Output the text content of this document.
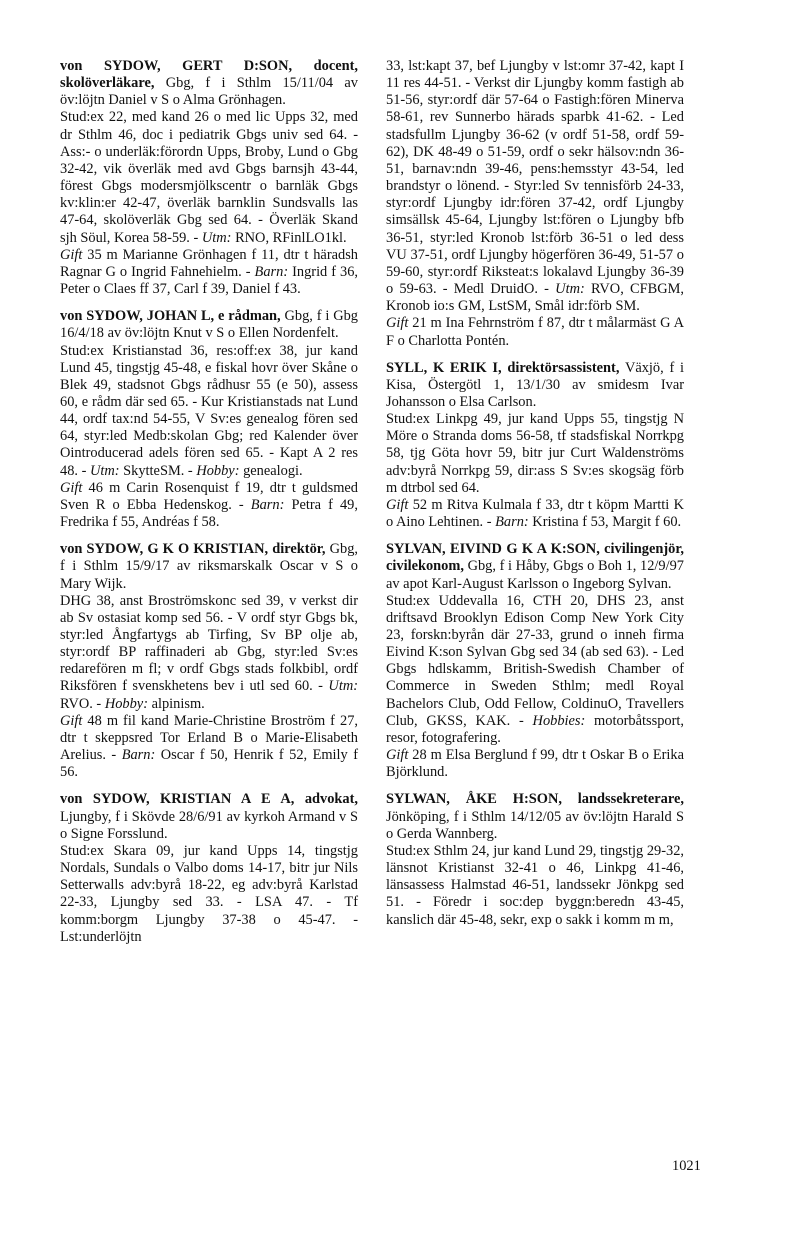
von SYDOW, GERT D:SON, docent, skolöverläkare, Gbg, f i Sthlm 15/11/04 av öv:löjtn Daniel v S o Alma Grönhagen.

Stud:ex 22, med kand 26 o med lic Upps 32, med dr Sthlm 46, doc i pediatrik Gbgs univ sed 64. - Ass:- o underläk:förordn Upps, Broby, Lund o Gbg 32-42, vik överläk med avd Gbgs barnsjh 43-44, förest Gbgs modersmjölkscentr o barnläk Gbgs kv:klin:er 42-47, överläk barnklin Sundsvalls las 47-64, skolöverläk Gbg sed 64. - Överläk Skand sjh Söul, Korea 58-59. - Utm: RNO, RFinlLO1kl.

Gift 35 m Marianne Grönhagen f 11, dtr t häradsh Ragnar G o Ingrid Fahnehielm. - Barn: Ingrid f 36, Peter o Claes ff 37, Carl f 39, Daniel f 43.

von SYDOW, JOHAN L, e rådman, Gbg, f i Gbg 16/4/18 av öv:löjtn Knut v S o Ellen Nordenfelt.

Stud:ex Kristianstad 36, res:off:ex 38, jur kand Lund 45, tingstjg 45-48, e fiskal hovr över Skåne o Blek 49, stadsnot Gbgs rådhusr 55 (e 50), assess 60, e rådm där sed 65. - Kur Kristianstads nat Lund 44, ordf tax:nd 54-55, V Sv:es genealog fören sed 64, styr:led Medb:skolan Gbg; red Kalender över Ointroducerad adels fören sed 65. - Kapt A 2 res 48. - Utm: SkytteSM. - Hobby: genealogi.

Gift 46 m Carin Rosenquist f 19, dtr t guldsmed Sven R o Ebba Hedenskog. - Barn: Petra f 49, Fredrika f 55, Andréas f 58.

von SYDOW, G K O KRISTIAN, direktör, Gbg, f i Sthlm 15/9/17 av riksmarskalk Oscar v S o Mary Wijk.

DHG 38, anst Broströmskonc sed 39, v verkst dir ab Sv ostasiat komp sed 56. - V ordf styr Gbgs bk, styr:led Ångfartygs ab Tirfing, Sv BP olje ab, styr:ordf BP raffinaderi ab Gbg, styr:led Sv:es redarefören m fl; v ordf Gbgs stads folkbibl, ordf Riksfören f svenskhetens bev i utl sed 60. - Utm: RVO. - Hobby: alpinism.

Gift 48 m fil kand Marie-Christine Broström f 27, dtr t skeppsred Tor Erland B o Marie-Elisabeth Arelius. - Barn: Oscar f 50, Henrik f 52, Emily f 56.

von SYDOW, KRISTIAN A E A, advokat, Ljungby, f i Skövde 28/6/91 av kyrkoh Armand v S o Signe Forsslund.

Stud:ex Skara 09, jur kand Upps 14, tingstjg Nordals, Sundals o Valbo doms 14-17, bitr jur Nils Setterwalls adv:byrå 18-22, eg adv:byrå Karlstad 22-33, Ljungby sed 33. - LSA 47. - Tf komm:borgm Ljungby 37-38 o 45-47. - Lst:underlöjtn

33, lst:kapt 37, bef Ljungby v lst:omr 37-42, kapt I 11 res 44-51. - Verkst dir Ljungby komm fastigh ab 51-56, styr:ordf där 57-64 o Fastigh:fören Minerva 58-61, rev Sunnerbo härads sparbk 41-62. - Led stadsfullm Ljungby 36-62 (v ordf 51-58, ordf 59-62), DK 48-49 o 51-59, ordf o sekr hälsov:ndn 36-51, barnav:ndn 39-46, pens:hemsstyr 43-54, led brandstyr o lönend. - Styr:led Sv tennisförb 24-33, styr:ordf Ljungby idr:fören 37-42, ordf Ljungby simsällsk 45-64, Ljungby lst:fören o Ljungby bfb 36-51, styr:led Kronob lst:förb 36-51 o led dess VU 37-51, ordf Ljungby högerfören 36-49, 51-57 o 59-60, styr:ordf Riksteat:s lokalavd Ljungby 36-39 o 59-63. - Medl DruidO. - Utm: RVO, CFBGM, Kronob io:s GM, LstSM, Smål idr:förb SM.

Gift 21 m Ina Fehrnström f 87, dtr t målarmäst G A F o Charlotta Pontén.

SYLL, K ERIK I, direktörsassistent, Växjö, f i Kisa, Östergötl 1, 13/1/30 av smidesm Ivar Johansson o Elsa Carlson.

Stud:ex Linkpg 49, jur kand Upps 55, tingstjg N Möre o Stranda doms 56-58, tf stadsfiskal Norrkpg 58, tjg Göta hovr 59, bitr jur Curt Waldenströms adv:byrå Norrkpg 59, dir:ass S Sv:es skogsäg förb m dtrbol sed 64.

Gift 52 m Ritva Kulmala f 33, dtr t köpm Martti K o Aino Lehtinen. - Barn: Kristina f 53, Margit f 60.

SYLVAN, EIVIND G K A K:SON, civilingenjör, civilekonom, Gbg, f i Håby, Gbgs o Boh 1, 12/9/97 av apot Karl-August Karlsson o Ingeborg Sylvan.

Stud:ex Uddevalla 16, CTH 20, DHS 23, anst driftsavd Brooklyn Edison Comp New York City 23, forskn:byrån där 27-33, grund o inneh firma Eivind K:son Sylvan Gbg sed 34 (ab sed 63). - Led Gbgs hdlskamm, British-Swedish Chamber of Commerce in Sweden Sthlm; medl Royal Bachelors Club, Odd Fellow, ColdinuO, Travellers Club, GKSS, KAK. - Hobbies: motorbåtssport, resor, fotografering.

Gift 28 m Elsa Berglund f 99, dtr t Oskar B o Erika Björklund.

SYLWAN, ÅKE H:SON, landssekreterare, Jönköping, f i Sthlm 14/12/05 av öv:löjtn Harald S o Gerda Wannberg.

Stud:ex Sthlm 24, jur kand Lund 29, tingstjg 29-32, länsnot Kristianst 32-41 o 46, Linkpg 41-46, länsassess Halmstad 46-51, landssekr Jönkpg sed 51. - Föredr i soc:dep byggn:beredn 43-45, kanslich där 45-48, sekr, exp o sakk i komm m m,

1021
